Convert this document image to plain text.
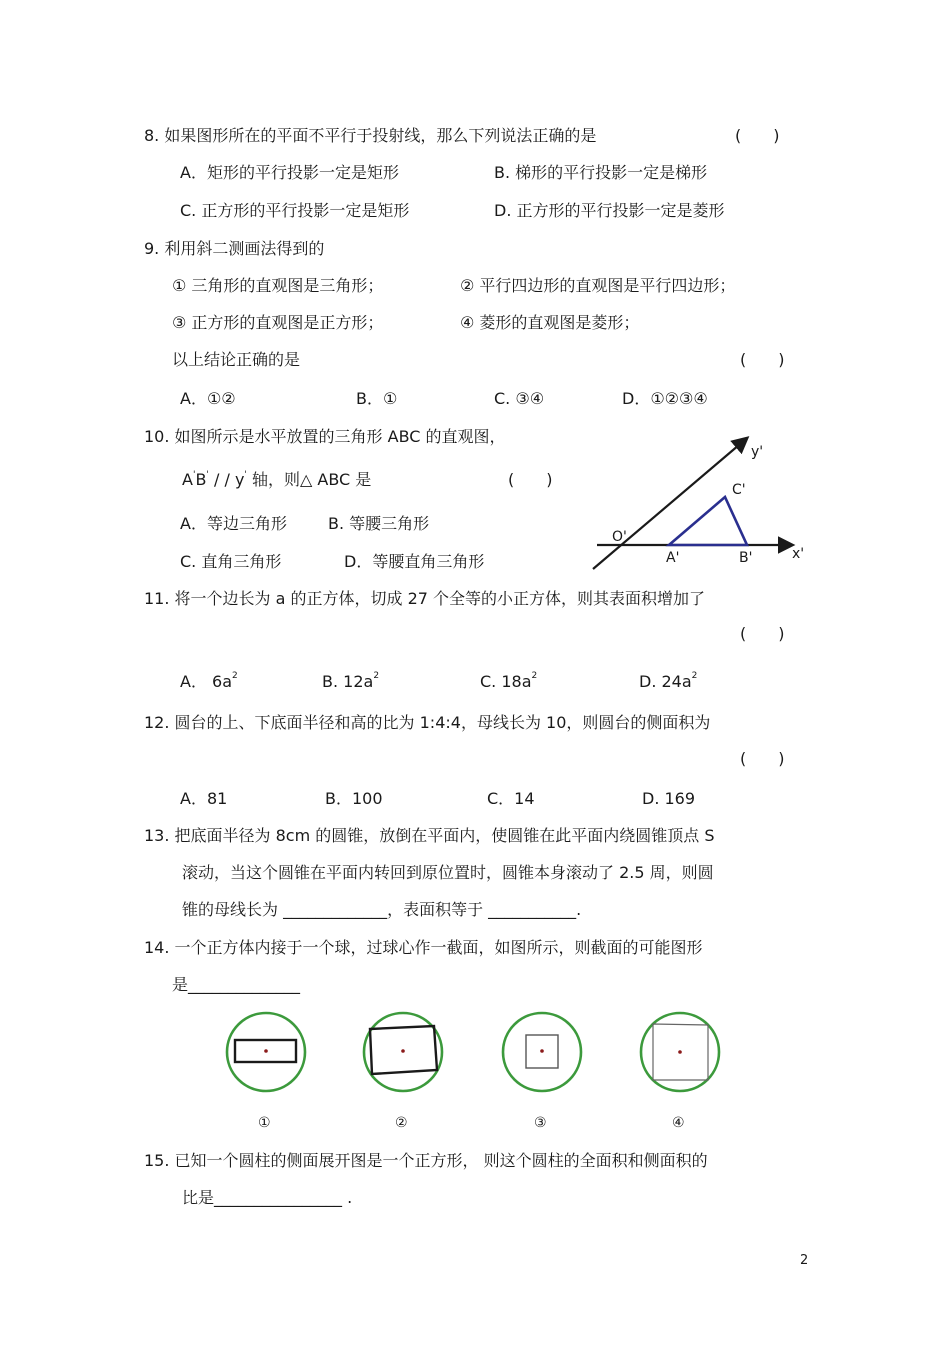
8. 如果图形所在的平面不平行于投射线，那么下列说法正确的是	(　　)
A．矩形的平行投影一定是矩形	B. 梯形的平行投影一定是梯形
C. 正方形的平行投影一定是矩形	D. 正方形的平行投影一定是菱形
9. 利用斜二测画法得到的
① 三角形的直观图是三角形；	② 平行四边形的直观图是平行四边形；
③ 正方形的直观图是正方形；	④ 菱形的直观图是菱形；
以上结论正确的是	(　　)
A．①②	B．①	C. ③④	D．①②③④
10. 如图所示是水平放置的三角形 ABC 的直观图，
A'B' / / y' 轴，则△ ABC 是	(　　)
A．等边三角形	B. 等腰三角形
C. 直角三角形	D．等腰直角三角形
y'
C'
O'
A'	B'	x'
11. 将一个边长为 a 的正方体，切成 27 个全等的小正方体，则其表面积增加了
(　　)
A． $6a^2$	B. $12a^2$	C. $18a^2$	D. $24a^2$
12. 圆台的上、下底面半径和高的比为 1:4:4，母线长为 10，则圆台的侧面积为
(　　)
A．81	B．100	C．14	D. 169
13. 把底面半径为 8cm 的圆锥，放倒在平面内，使圆锥在此平面内绕圆锥顶点 S
滚动，当这个圆锥在平面内转回到原位置时，圆锥本身滚动了 2.5 周，则圆
锥的母线长为 _____________，表面积等于 ___________.
14. 一个正方体内接于一个球，过球心作一截面，如图所示，则截面的可能图形
是______________
①	②	③	④
15. 已知一个圆柱的侧面展开图是一个正方形， 则这个圆柱的全面积和侧面积的
比是________________ .
2
